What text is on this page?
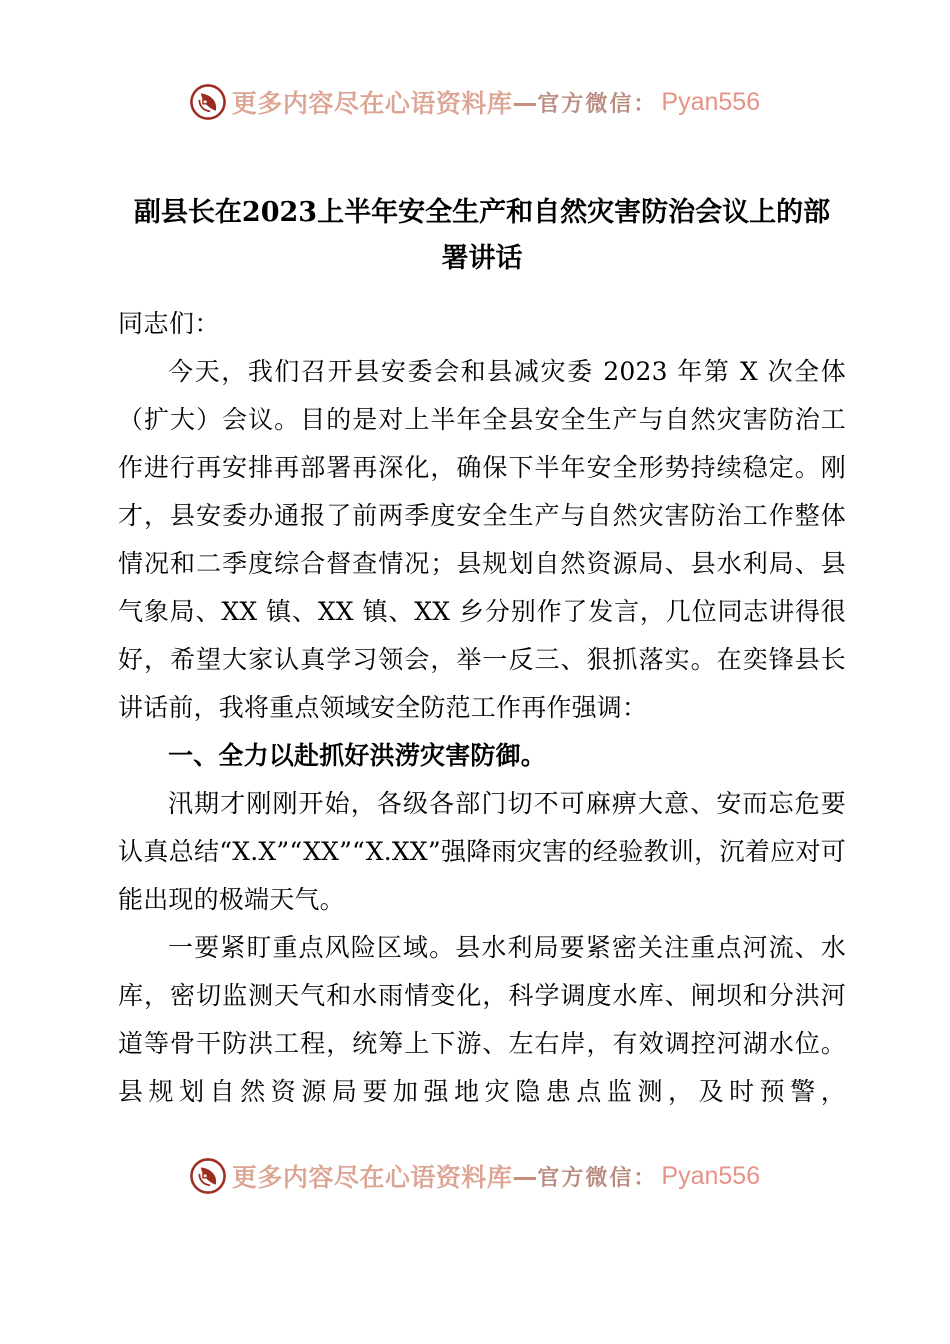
更多内容尽在心语资料库 — 官方微信： Pyan556
副县长在2023上半年安全生产和自然灾害防治会议上的部署讲话

同志们：

今天，我们召开县安委会和县减灾委 2023 年第 X 次全体（扩大）会议。目的是对上半年全县安全生产与自然灾害防治工作进行再安排再部署再深化，确保下半年安全形势持续稳定。刚才，县安委办通报了前两季度安全生产与自然灾害防治工作整体情况和二季度综合督查情况；县规划自然资源局、县水利局、县气象局、XX 镇、XX 镇、XX 乡分别作了发言，几位同志讲得很好，希望大家认真学习领会，举一反三、狠抓落实。在奕锋县长讲话前，我将重点领域安全防范工作再作强调：

一、全力以赴抓好洪涝灾害防御。

汛期才刚刚开始，各级各部门切不可麻痹大意、安而忘危要认真总结“X.X”“XX”“X.XX”强降雨灾害的经验教训，沉着应对可能出现的极端天气。

一要紧盯重点风险区域。县水利局要紧密关注重点河流、水库，密切监测天气和水雨情变化，科学调度水库、闸坝和分洪河道等骨干防洪工程，统筹上下游、左右岸，有效调控河湖水位。县规划自然资源局要加强地灾隐患点监测，及时预警，

更多内容尽在心语资料库 — 官方微信： Pyan556
